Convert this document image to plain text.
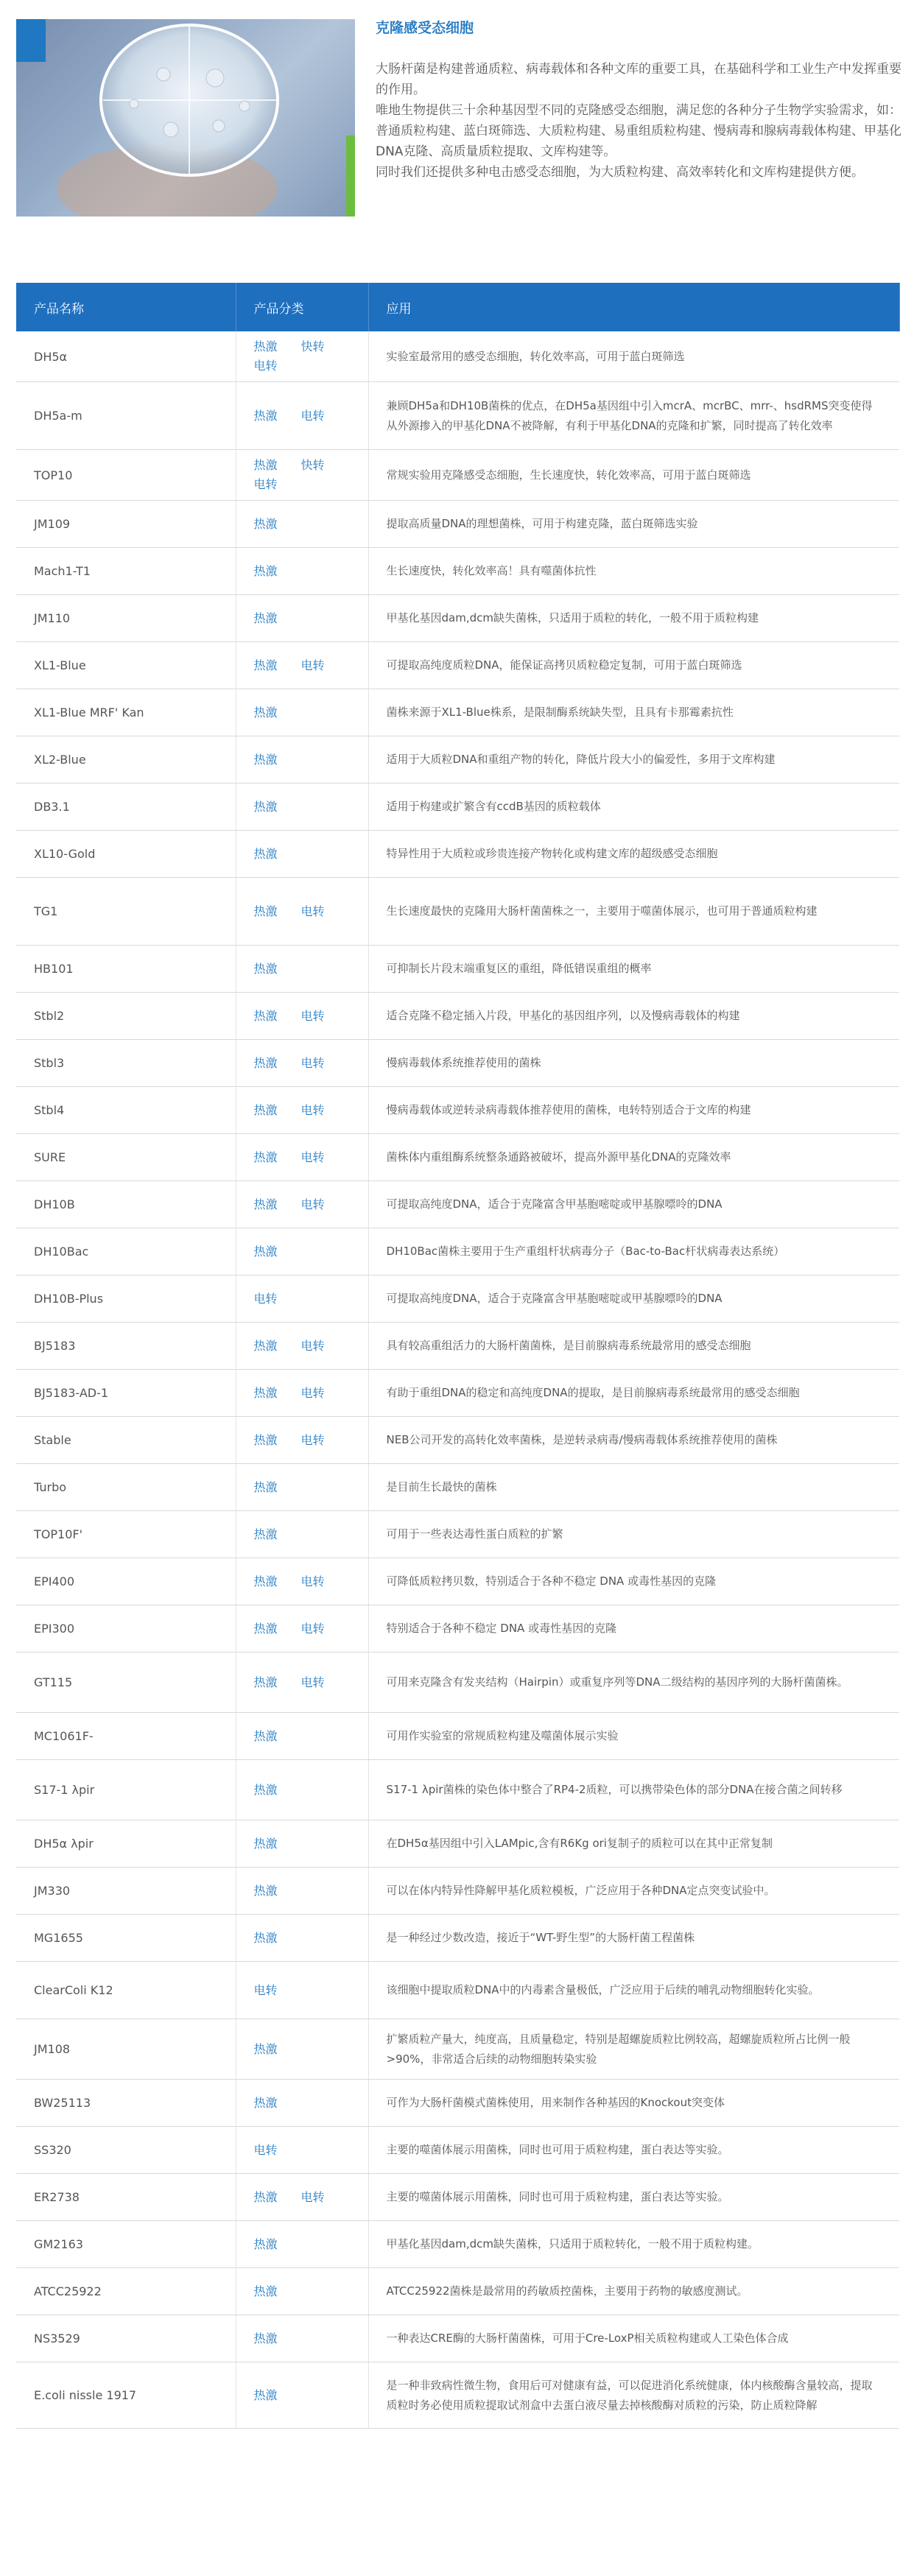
克隆感受态细胞

大肠杆菌是构建普通质粒、病毒载体和各种文库的重要工具，在基础科学和工业生产中发挥重要的作用。

唯地生物提供三十余种基因型不同的克隆感受态细胞，满足您的各种分子生物学实验需求，如：普通质粒构建、蓝白斑筛选、大质粒构建、易重组质粒构建、慢病毒和腺病毒载体构建、甲基化DNA克隆、高质量质粒提取、文库构建等。

同时我们还提供多种电击感受态细胞，为大质粒构建、高效率转化和文库构建提供方便。

产品名称	产品分类	应用
DH5α	热激 快转电转	实验室最常用的感受态细胞，转化效率高，可用于蓝白斑筛选
DH5a-m	热激 电转	兼顾DH5a和DH10B菌株的优点，在DH5a基因组中引入mcrA、mcrBC、mrr-、hsdRMS突变使得从外源掺入的甲基化DNA不被降解，有利于甲基化DNA的克隆和扩繁，同时提高了转化效率
TOP10	热激 快转电转	常规实验用克隆感受态细胞，生长速度快，转化效率高，可用于蓝白斑筛选
JM109	热激	提取高质量DNA的理想菌株，可用于构建克隆，蓝白斑筛选实验
Mach1-T1	热激	生长速度快，转化效率高！具有噬菌体抗性
JM110	热激	甲基化基因dam,dcm缺失菌株，只适用于质粒的转化，一般不用于质粒构建
XL1-Blue	热激 电转	可提取高纯度质粒DNA，能保证高拷贝质粒稳定复制，可用于蓝白斑筛选
XL1-Blue MRF' Kan	热激	菌株来源于XL1-Blue株系，是限制酶系统缺失型，且具有卡那霉素抗性
XL2-Blue	热激	适用于大质粒DNA和重组产物的转化，降低片段大小的偏爱性，多用于文库构建
DB3.1	热激	适用于构建或扩繁含有ccdB基因的质粒载体
XL10-Gold	热激	特异性用于大质粒或珍贵连接产物转化或构建文库的超级感受态细胞
TG1	热激 电转	生长速度最快的克隆用大肠杆菌菌株之一，主要用于噬菌体展示，也可用于普通质粒构建
HB101	热激	可抑制长片段末端重复区的重组，降低错误重组的概率
Stbl2	热激 电转	适合克隆不稳定插入片段，甲基化的基因组序列，以及慢病毒载体的构建
Stbl3	热激 电转	慢病毒载体系统推荐使用的菌株
Stbl4	热激 电转	慢病毒载体或逆转录病毒载体推荐使用的菌株，电转特别适合于文库的构建
SURE	热激 电转	菌株体内重组酶系统整条通路被破坏，提高外源甲基化DNA的克隆效率
DH10B	热激 电转	可提取高纯度DNA，适合于克隆富含甲基胞嘧啶或甲基腺嘌呤的DNA
DH10Bac	热激	DH10Bac菌株主要用于生产重组杆状病毒分子（Bac-to-Bac杆状病毒表达系统）
DH10B-Plus	电转	可提取高纯度DNA，适合于克隆富含甲基胞嘧啶或甲基腺嘌呤的DNA
BJ5183	热激 电转	具有较高重组活力的大肠杆菌菌株，是目前腺病毒系统最常用的感受态细胞
BJ5183-AD-1	热激 电转	有助于重组DNA的稳定和高纯度DNA的提取，是目前腺病毒系统最常用的感受态细胞
Stable	热激 电转	NEB公司开发的高转化效率菌株，是逆转录病毒/慢病毒载体系统推荐使用的菌株
Turbo	热激	是目前生长最快的菌株
TOP10F'	热激	可用于一些表达毒性蛋白质粒的扩繁
EPI400	热激 电转	可降低质粒拷贝数，特别适合于各种不稳定 DNA 或毒性基因的克隆
EPI300	热激 电转	特别适合于各种不稳定 DNA 或毒性基因的克隆
GT115	热激 电转	可用来克隆含有发夹结构（Hairpin）或重复序列等DNA二级结构的基因序列的大肠杆菌菌株。
MC1061F-	热激	可用作实验室的常规质粒构建及噬菌体展示实验
S17-1 λpir	热激	S17-1 λpir菌株的染色体中整合了RP4-2质粒，可以携带染色体的部分DNA在接合菌之间转移
DH5α λpir	热激	在DH5α基因组中引入LAMpic,含有R6Kg ori复制子的质粒可以在其中正常复制
JM330	热激	可以在体内特异性降解甲基化质粒模板，广泛应用于各种DNA定点突变试验中。
MG1655	热激	是一种经过少数改造，接近于“WT-野生型”的大肠杆菌工程菌株
ClearColi K12	电转	该细胞中提取质粒DNA中的内毒素含量极低，广泛应用于后续的哺乳动物细胞转化实验。
JM108	热激	扩繁质粒产量大，纯度高，且质量稳定，特别是超螺旋质粒比例较高，超螺旋质粒所占比例一般>90%，非常适合后续的动物细胞转染实验
BW25113	热激	可作为大肠杆菌模式菌株使用，用来制作各种基因的Knockout突变体
SS320	电转	主要的噬菌体展示用菌株，同时也可用于质粒构建，蛋白表达等实验。
ER2738	热激 电转	主要的噬菌体展示用菌株，同时也可用于质粒构建，蛋白表达等实验。
GM2163	热激	甲基化基因dam,dcm缺失菌株，只适用于质粒转化，一般不用于质粒构建。
ATCC25922	热激	ATCC25922菌株是最常用的药敏质控菌株，主要用于药物的敏感度测试。
NS3529	热激	一种表达CRE酶的大肠杆菌菌株，可用于Cre-LoxP相关质粒构建或人工染色体合成
E.coli nissle 1917	热激	是一种非致病性微生物，食用后可对健康有益，可以促进消化系统健康，体内核酸酶含量较高，提取质粒时务必使用质粒提取试剂盒中去蛋白液尽量去掉核酸酶对质粒的污染，防止质粒降解
